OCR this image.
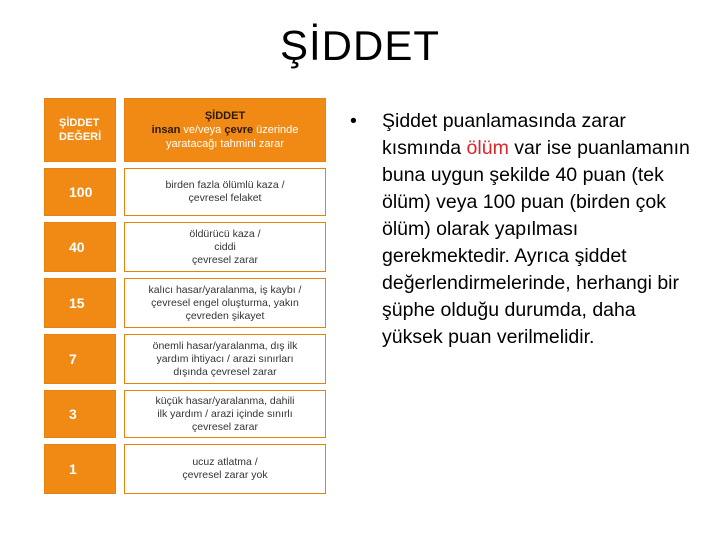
ŞİDDET
ŞİDDET
DEĞERİ
ŞİDDET
insan ve/veya çevre üzerinde
yaratacağı tahmini zarar
100	birden fazla ölümlü kaza /
çevresel felaket
40
öldürücü kaza /
ciddi
çevresel zarar
15
kalıcı hasar/yaralanma, iş kaybı /
çevresel engel oluşturma, yakın
çevreden şikayet
7
önemli hasar/yaralanma, dış ilk
yardım ihtiyacı / arazi sınırları
dışında çevresel zarar
3
küçük hasar/yaralanma, dahili
ilk yardım / arazi içinde sınırlı
çevresel zarar
1	ucuz atlatma /
çevresel zarar yok
• Şiddet puanlamasında zarar kısmında ölüm var ise puanlamanın buna uygun şekilde 40 puan (tek ölüm) veya 100 puan (birden çok ölüm) olarak yapılması gerekmektedir. Ayrıca şiddet değerlendirmelerinde, herhangi bir şüphe olduğu durumda, daha yüksek puan verilmelidir.
